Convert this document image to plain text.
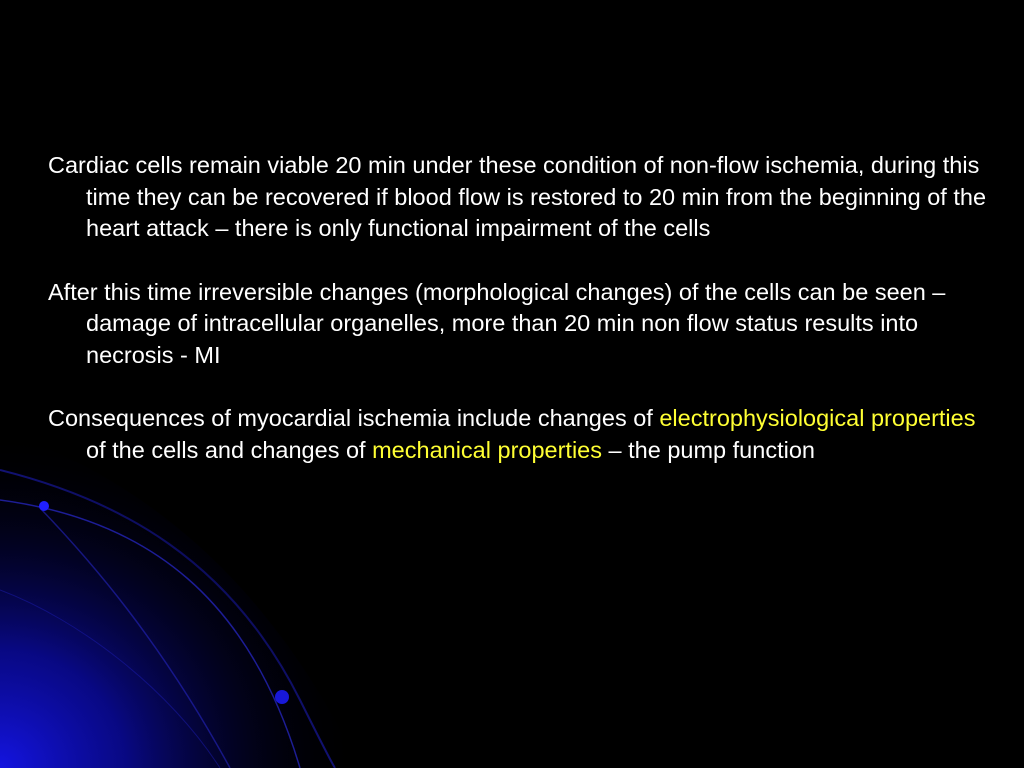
Cardiac cells remain viable 20 min under these condition of non-flow ischemia, during this time they can be recovered if blood flow is restored to 20 min from the beginning of the heart attack – there is only functional impairment of the cells

After this time irreversible changes (morphological changes) of the cells can be seen – damage of intracellular organelles, more than 20 min non flow status results into necrosis - MI

Consequences of myocardial ischemia include changes of electrophysiological properties of the cells and changes of mechanical properties – the pump function
